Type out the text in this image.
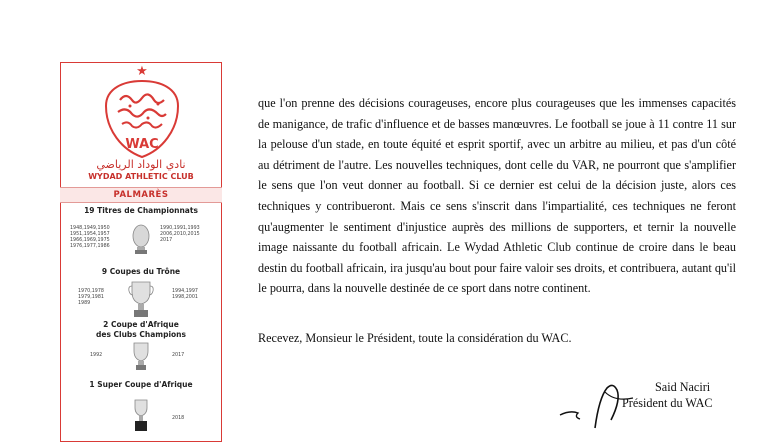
★
WAC
نادي الوداد الرياضي
WYDAD ATHLETIC CLUB
PALMARÈS
19 Titres de Championnats
1948,1949,1950
1951,1954,1957
1966,1969,1975
1976,1977,1986
1990,1991,1993
2006,2010,2015
2017
9 Coupes du Trône
1970,1978
1979,1981
1989
1994,1997
1998,2001
2 Coupe d'Afrique
des Clubs Champions
1992	2017
1 Super Coupe d'Afrique
2018

que l'on prenne des décisions courageuses, encore plus courageuses que les immenses capacités de manigance, de trafic d'influence et de basses manœuvres. Le football se joue à 11 contre 11 sur la pelouse d'un stade, en toute équité et esprit sportif, avec un arbitre au milieu, et pas d'un côté au détriment de l'autre. Les nouvelles techniques, dont celle du VAR, ne pourront que s'amplifier le sens que l'on veut donner au football. Si ce dernier est celui de la décision juste, alors ces techniques y contribueront. Mais ce sens s'inscrit dans l'impartialité, ces techniques ne feront qu'augmenter le sentiment d'injustice auprès des millions de supporters, et ternir la nouvelle image naissante du football africain. Le Wydad Athletic Club continue de croire dans le beau destin du football africain, ira jusqu'au bout pour faire valoir ses droits, et contribuera, autant qu'il le pourra, dans la nouvelle destinée de ce sport dans notre continent.

Recevez, Monsieur le Président, toute la considération du WAC.
Said Naciri
Président du WAC
